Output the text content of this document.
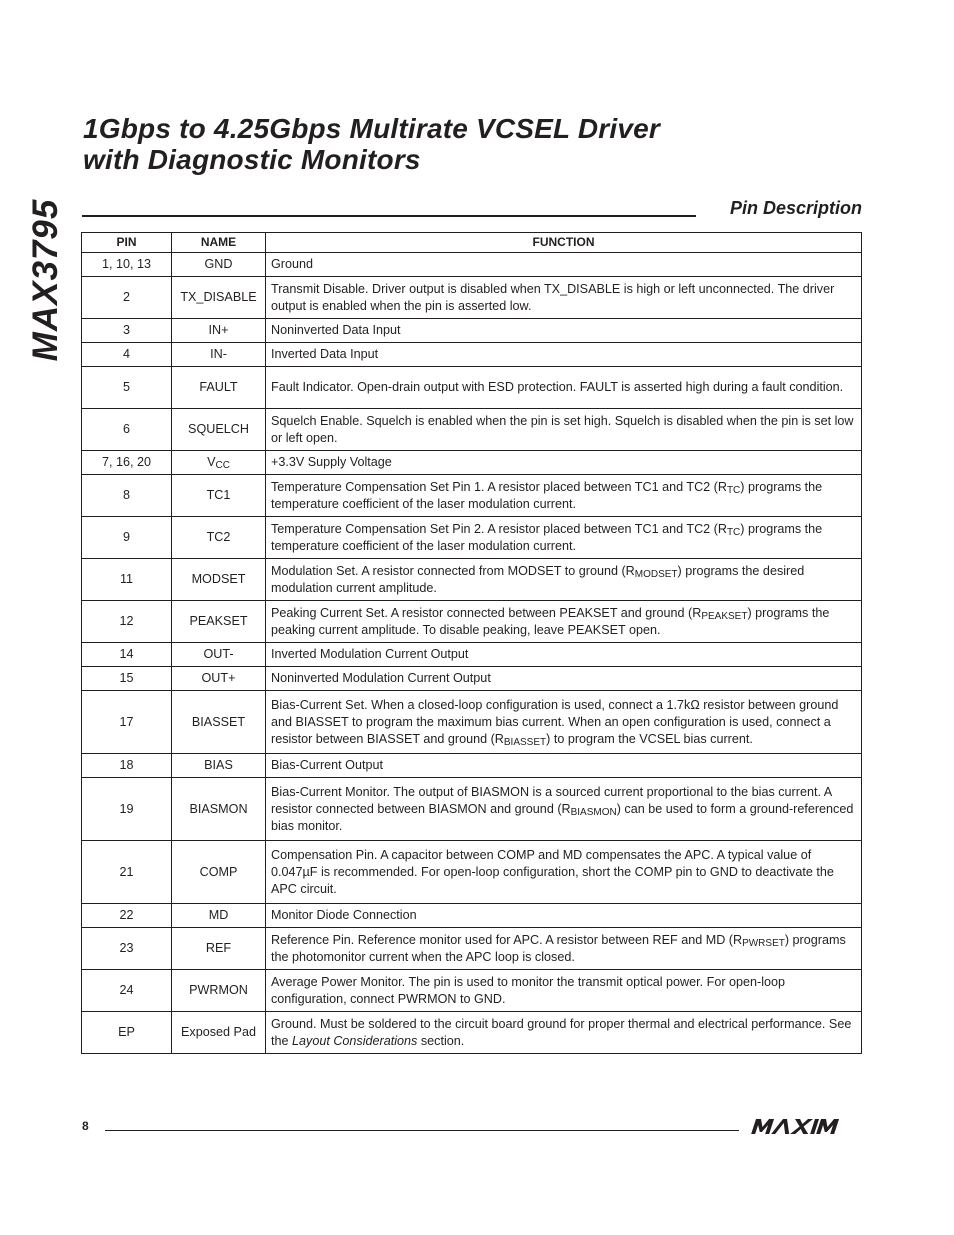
MAX3795
1Gbps to 4.25Gbps Multirate VCSEL Driver
with Diagnostic Monitors
Pin Description
PIN	NAME	FUNCTION
1, 10, 13	GND	Ground
2	TX_DISABLE	Transmit Disable. Driver output is disabled when TX_DISABLE is high or left unconnected. The driver output is enabled when the pin is asserted low.
3	IN+	Noninverted Data Input
4	IN-	Inverted Data Input
5	FAULT	Fault Indicator. Open-drain output with ESD protection. FAULT is asserted high during a fault condition.
6	SQUELCH	Squelch Enable. Squelch is enabled when the pin is set high. Squelch is disabled when the pin is set low or left open.
7, 16, 20	$V_{CC}$	+3.3V Supply Voltage
8	TC1	Temperature Compensation Set Pin 1. A resistor placed between TC1 and TC2 $(R_{TC})$ programs the temperature coefficient of the laser modulation current.
9	TC2	Temperature Compensation Set Pin 2. A resistor placed between TC1 and TC2 $(R_{TC})$ programs the temperature coefficient of the laser modulation current.
11	MODSET	Modulation Set. A resistor connected from MODSET to ground $(R_{MODSET})$ programs the desired modulation current amplitude.
12	PEAKSET	Peaking Current Set. A resistor connected between PEAKSET and ground $(R_{PEAKSET})$ programs the peaking current amplitude. To disable peaking, leave PEAKSET open.
14	OUT-	Inverted Modulation Current Output
15	OUT+	Noninverted Modulation Current Output
17	BIASSET	Bias-Current Set. When a closed-loop configuration is used, connect a 1.7kΩ resistor between ground and BIASSET to program the maximum bias current. When an open configuration is used, connect a resistor between BIASSET and ground $(R_{BIASSET})$ to program the VCSEL bias current.
18	BIAS	Bias-Current Output
19	BIASMON	Bias-Current Monitor. The output of BIASMON is a sourced current proportional to the bias current. A resistor connected between BIASMON and ground $(R_{BIASMON})$ can be used to form a ground-referenced bias monitor.
21	COMP	Compensation Pin. A capacitor between COMP and MD compensates the APC. A typical value of 0.047µF is recommended. For open-loop configuration, short the COMP pin to GND to deactivate the APC circuit.
22	MD	Monitor Diode Connection
23	REF	Reference Pin. Reference monitor used for APC. A resistor between REF and MD $(R_{PWRSET})$ programs the photomonitor current when the APC loop is closed.
24	PWRMON	Average Power Monitor. The pin is used to monitor the transmit optical power. For open-loop configuration, connect PWRMON to GND.
EP	Exposed Pad	Ground. Must be soldered to the circuit board ground for proper thermal and electrical performance. See the Layout Considerations section.
8
